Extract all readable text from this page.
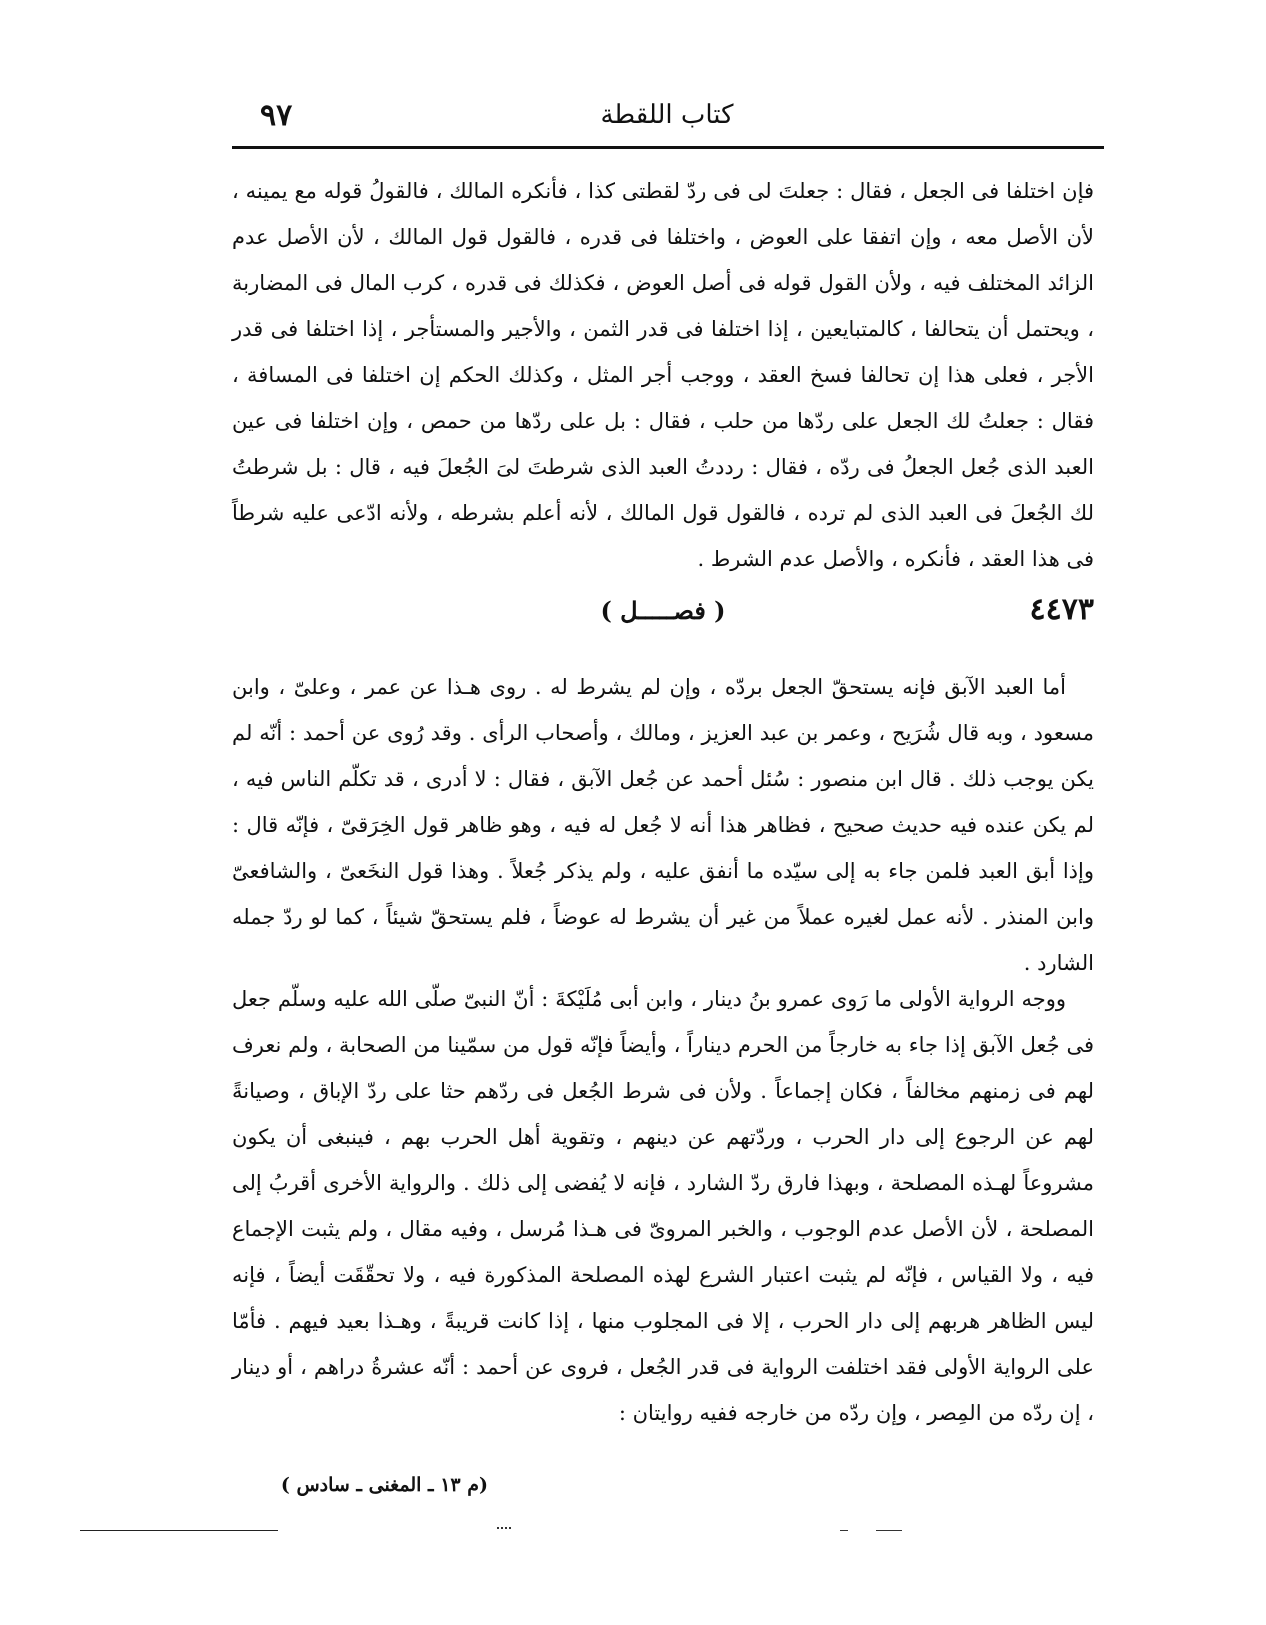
٩٧	كتاب اللقطة

فإن اختلفا فى الجعل ، فقال : جعلتَ لى فى ردّ لقطتى كذا ، فأنكره المالك ، فالقولُ قوله مع يمينه ، لأن الأصل معه ، وإن اتفقا على العوض ، واختلفا فى قدره ، فالقول قول المالك ، لأن الأصل عدم الزائد المختلف فيه ، ولأن القول قوله فى أصل العوض ، فكذلك فى قدره ، كرب المال فى المضاربة ، ويحتمل أن يتحالفا ، كالمتبايعين ، إذا اختلفا فى قدر الثمن ، والأجير والمستأجر ، إذا اختلفا فى قدر الأجر ، فعلى هذا إن تحالفا فسخ العقد ، ووجب أجر المثل ، وكذلك الحكم إن اختلفا فى المسافة ، فقال : جعلتُ لك الجعل على ردّها من حلب ، فقال : بل على ردّها من حمص ، وإن اختلفا فى عين العبد الذى جُعل الجعلُ فى ردّه ، فقال : رددتُ العبد الذى شرطتَ لىَ الجُعلَ فيه ، قال : بل شرطتُ لك الجُعلَ فى العبد الذى لم ترده ، فالقول قول المالك ، لأنه أعلم بشرطه ، ولأنه ادّعى عليه شرطاً فى هذا العقد ، فأنكره ، والأصل عدم الشرط .

٤٤٧٣
( فصـــــل )

أما العبد الآبق فإنه يستحقّ الجعل بردّه ، وإن لم يشرط له . روى هـذا عن عمر ، وعلىّ ، وابن مسعود ، وبه قال شُرَيح ، وعمر بن عبد العزيز ، ومالك ، وأصحاب الرأى . وقد رُوى عن أحمد : أنّه لم يكن يوجب ذلك . قال ابن منصور : سُئل أحمد عن جُعل الآبق ، فقال : لا أدرى ، قد تكلّم الناس فيه ، لم يكن عنده فيه حديث صحيح ، فظاهر هذا أنه لا جُعل له فيه ، وهو ظاهر قول الخِرَقىّ ، فإنّه قال : وإذا أبق العبد فلمن جاء به إلى سيّده ما أنفق عليه ، ولم يذكر جُعلاً . وهذا قول النخَعىّ ، والشافعىّ وابن المنذر . لأنه عمل لغيره عملاً من غير أن يشرط له عوضاً ، فلم يستحقّ شيئاً ، كما لو ردّ جمله الشارد .

ووجه الرواية الأولى ما رَوى عمرو بنُ دينار ، وابن أبى مُلَيْكةَ : أنّ النبىّ صلّى الله عليه وسلّم جعل فى جُعل الآبق إذا جاء به خارجاً من الحرم ديناراً ، وأيضاً فإنّه قول من سمّينا من الصحابة ، ولم نعرف لهم فى زمنهم مخالفاً ، فكان إجماعاً . ولأن فى شرط الجُعل فى ردّهم حثا على ردّ الإباق ، وصيانةً لهم عن الرجوع إلى دار الحرب ، وردّتهم عن دينهم ، وتقوية أهل الحرب بهم ، فينبغى أن يكون مشروعاً لهـذه المصلحة ، وبهذا فارق ردّ الشارد ، فإنه لا يُفضى إلى ذلك . والرواية الأخرى أقربُ إلى المصلحة ، لأن الأصل عدم الوجوب ، والخبر المروىّ فى هـذا مُرسل ، وفيه مقال ، ولم يثبت الإجماع فيه ، ولا القياس ، فإنّه لم يثبت اعتبار الشرع لهذه المصلحة المذكورة فيه ، ولا تحقّقَت أيضاً ، فإنه ليس الظاهر هربهم إلى دار الحرب ، إلا فى المجلوب منها ، إذا كانت قريبةً ، وهـذا بعيد فيهم . فأمّا على الرواية الأولى فقد اختلفت الرواية فى قدر الجُعل ، فروى عن أحمد : أنّه عشرةُ دراهم ، أو دينار ، إن ردّه من المِصر ، وإن ردّه من خارجه ففيه روايتان :

(م ١٣ ـ المغنى ـ سادس )
